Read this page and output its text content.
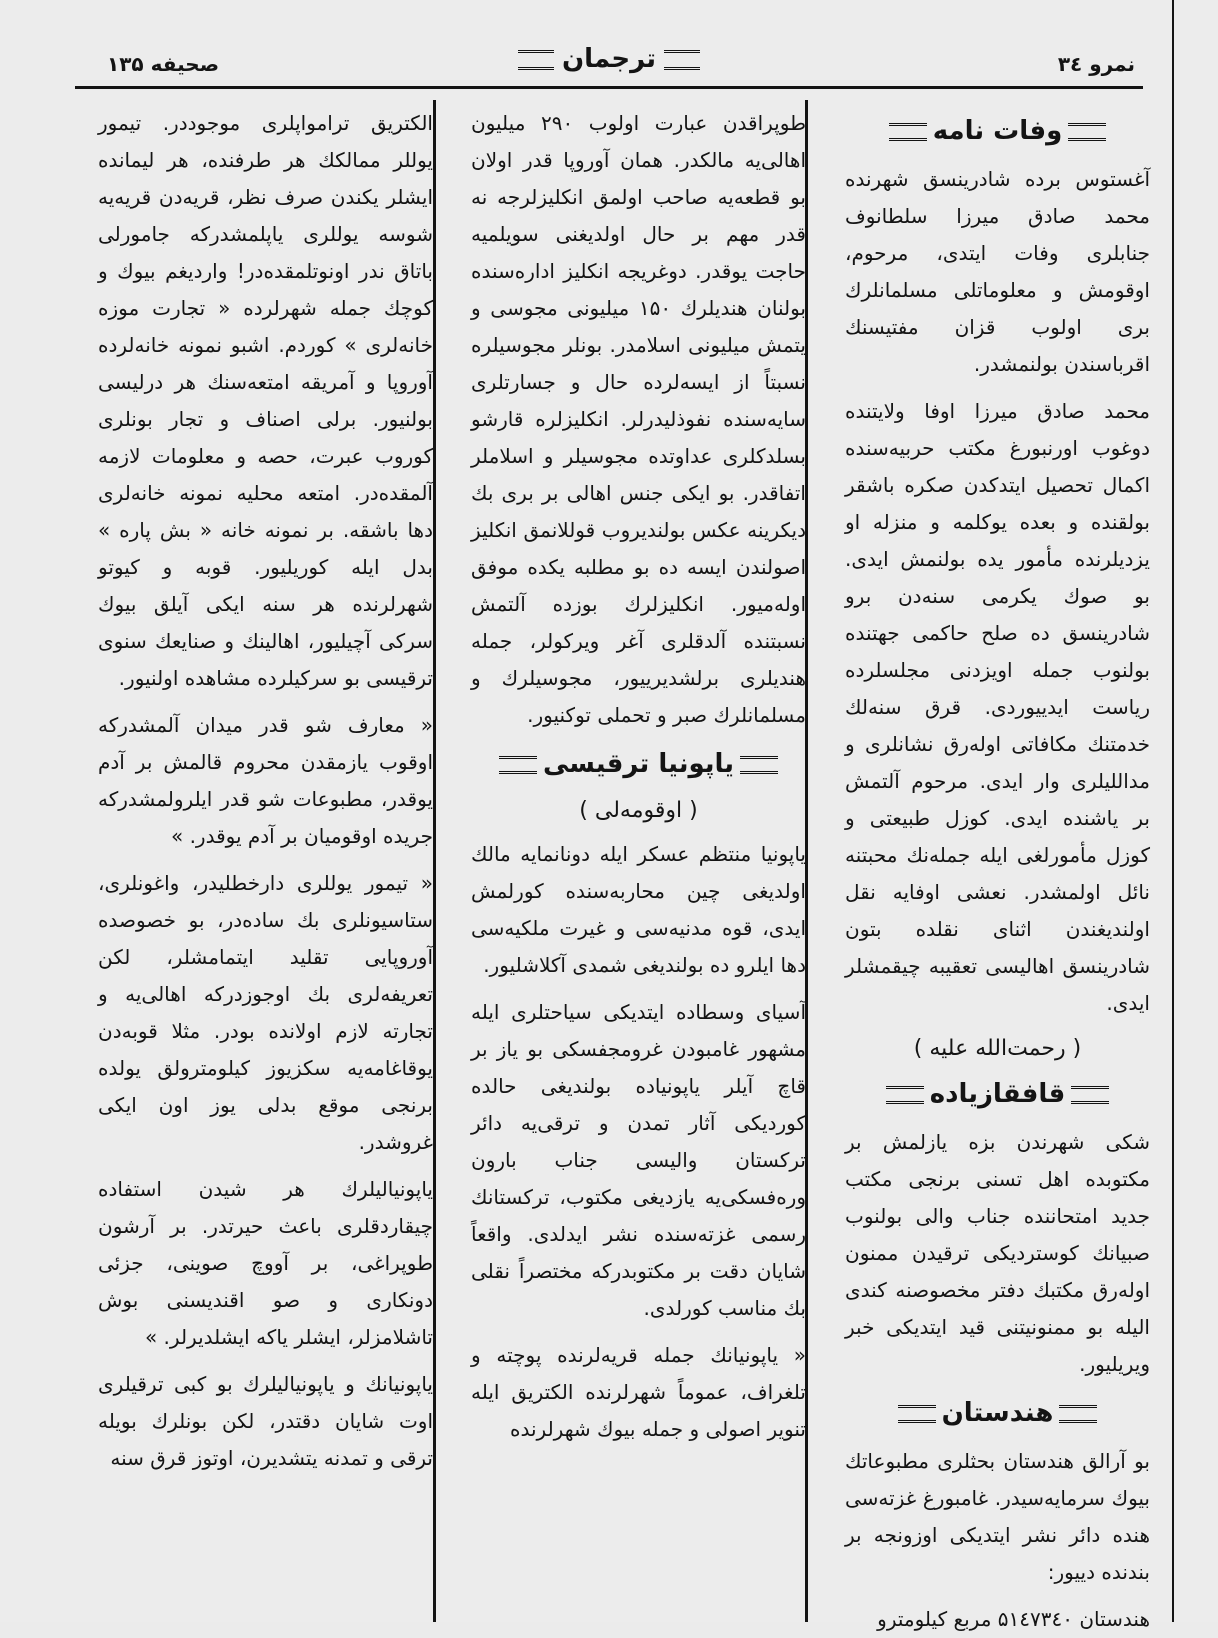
نمرو ۳٤
ترجمان
صحیفه ۱۳۵
وفات نامه

آغستوس برده شادرینسق شهرنده محمد صادق میرزا سلطانوف جنابلری وفات ایتدی، مرحوم، اوقومش و معلوماتلی مسلمانلرك بری اولوب قزان مفتیسنك اقرباسندن بولنمشدر.

محمد صادق میرزا اوفا ولایتنده دوغوب اورنبورغ مکتب حربیه‌سنده اکمال تحصیل ایتدکدن صکره باشقر بولقنده و بعده یوکلمه و منزله او یزدیلرنده مأمور یده بولنمش ایدی. بو صوك یکرمی سنه‌دن برو شادرینسق ده صلح حاکمی جهتنده بولنوب جمله اویزدنی مجلسلرده ریاست ایدییوردی. قرق سنه‌لك خدمتنك مکافاتی اوله‌رق نشانلری و مداللیلری وار ایدی. مرحوم آلتمش بر یاشنده ایدی. کوزل طبیعتی و کوزل مأمورلغی ایله جمله‌نك محبتنه نائل اولمشدر. نعشی اوفایه نقل اولندیغندن اثنای نقلده بتون شادرینسق اهالیسی تعقیبه چیقمشلر ایدی.

( رحمت‌الله علیه )
قافقازیاده

شکی شهرندن بزه یازلمش بر مکتوبده اهل تسنی برنجی مکتب جدید امتحاننده جناب والی بولنوب صبیانك کوستردیکی ترقیدن ممنون اوله‌رق مکتبك دفتر مخصوصنه کندی الیله بو ممنونیتنی قید ایتدیکی خبر ویریلیور.

هندستان

بو آرالق هندستان بحثلری مطبوعاتك بیوك سرمایه‌سیدر. غامبورغ غزته‌سی هنده دائر نشر ایتدیکی اوزونجه بر بندنده دییور:

هندستان ۵۱٤۷۳٤۰ مربع کیلومترو

طوپراقدن عبارت اولوب ۲۹۰ میلیون اهالی‌یه مالکدر. همان آوروپا قدر اولان بو قطعه‌یه صاحب اولمق انکلیزلرجه نه قدر مهم بر حال اولدیغنی سویلمیه حاجت یوقدر. دوغریجه انکلیز اداره‌سنده بولنان هندیلرك ۱۵۰ میلیونی مجوسی و یتمش میلیونی اسلامدر. بونلر مجوسیلره نسبتاً از ایسه‌لرده حال و جسارتلری سایه‌سنده نفوذلیدرلر. انکلیزلره قارشو بسلدکلری عداوتده مجوسیلر و اسلاملر اتفاقدر. بو ایکی جنس اهالی بر بری بك دیکرینه عکس بولندیروب قوللانمق انکلیز اصولندن ایسه ده بو مطلبه یکده موفق اوله‌میور. انکلیزلرك بوزده آلتمش نسبتنده آلدقلری آغر ویرکولر، جمله هندیلری برلشدیرییور، مجوسیلرك و مسلمانلرك صبر و تحملی توکنیور.

یاپونیا ترقیسی
( اوقومه‌لی )

یاپونیا منتظم عسکر ایله دونانمایه مالك اولدیغی چین محاربه‌سنده کورلمش ایدی، قوه مدنیه‌سی و غیرت ملکیه‌سی دها ایلرو ده بولندیغی شمدی آکلاشلیور.

آسیای وسطاده ایتدیکی سیاحتلری ایله مشهور غامبودن غرومجفسکی بو یاز بر قاچ آیلر یاپونیاده بولندیغی حالده کوردیکی آثار تمدن و ترقی‌یه دائر ترکستان والیسی جناب بارون وره‌فسکی‌یه یازدیغی مکتوب، ترکستانك رسمی غزته‌سنده نشر ایدلدی. واقعاً شایان دقت بر مکتوبدرکه مختصراً نقلی بك مناسب کورلدی.

« یاپونیانك جمله قریه‌لرنده پوچته و تلغراف، عموماً شهرلرنده الکتریق ایله تنویر اصولی و جمله بیوك شهرلرنده

الکتریق ترامواپلری موجوددر. تیمور یوللر ممالکك هر طرفنده، هر لیمانده ایشلر یکندن صرف نظر، قریه‌دن قریه‌یه شوسه یوللری یاپلمشدرکه جامورلی باتاق ندر اونوتلمقده‌در! واردیغم بیوك و کوچك جمله شهرلرده « تجارت موزه خانه‌لری » کوردم. اشبو نمونه خانه‌لرده آوروپا و آمریقه امتعه‌سنك هر درلیسی بولنیور. برلی اصناف و تجار بونلری کوروب عبرت، حصه و معلومات لازمه آلمقده‌در. امتعه محلیه نمونه خانه‌لری دها باشقه. بر نمونه خانه « بش پاره » بدل ایله کوریلیور. قوبه و کیوتو شهرلرنده هر سنه ایکی آیلق بیوك سرکی آچیلیور، اهالینك و صنایعك سنوی ترقیسی بو سرکیلرده مشاهده اولنیور.

« معارف شو قدر میدان آلمشدرکه اوقوب یازمقدن محروم قالمش بر آدم یوقدر، مطبوعات شو قدر ایلرولمشدرکه جریده اوقومیان بر آدم یوقدر. »

« تیمور یوللری دارخطلیدر، واغونلری، ستاسیونلری بك ساده‌در، بو خصوصده آوروپایی تقلید ایتمامشلر، لکن تعریفه‌لری بك اوجوزدرکه اهالی‌یه و تجارته لازم اولانده بودر. مثلا قوبه‌دن یوقاغامه‌یه سکزیوز کیلومترولق یولده برنجی موقع بدلی یوز اون ایکی غروشدر.

یاپونیالیلرك هر شیدن استفاده چیقاردقلری باعث حیرتدر. بر آرشون طوپراغی، بر آووچ صوینی، جزئی دونکاری و صو اقندیسنی بوش تاشلامزلر، ایشلر یاکه ایشلدیرلر. »

یاپونیانك و یاپونیالیلرك بو کبی ترقیلری اوت شایان دقتدر، لکن بونلرك بویله ترقی و تمدنه یتشدیرن، اوتوز قرق سنه
